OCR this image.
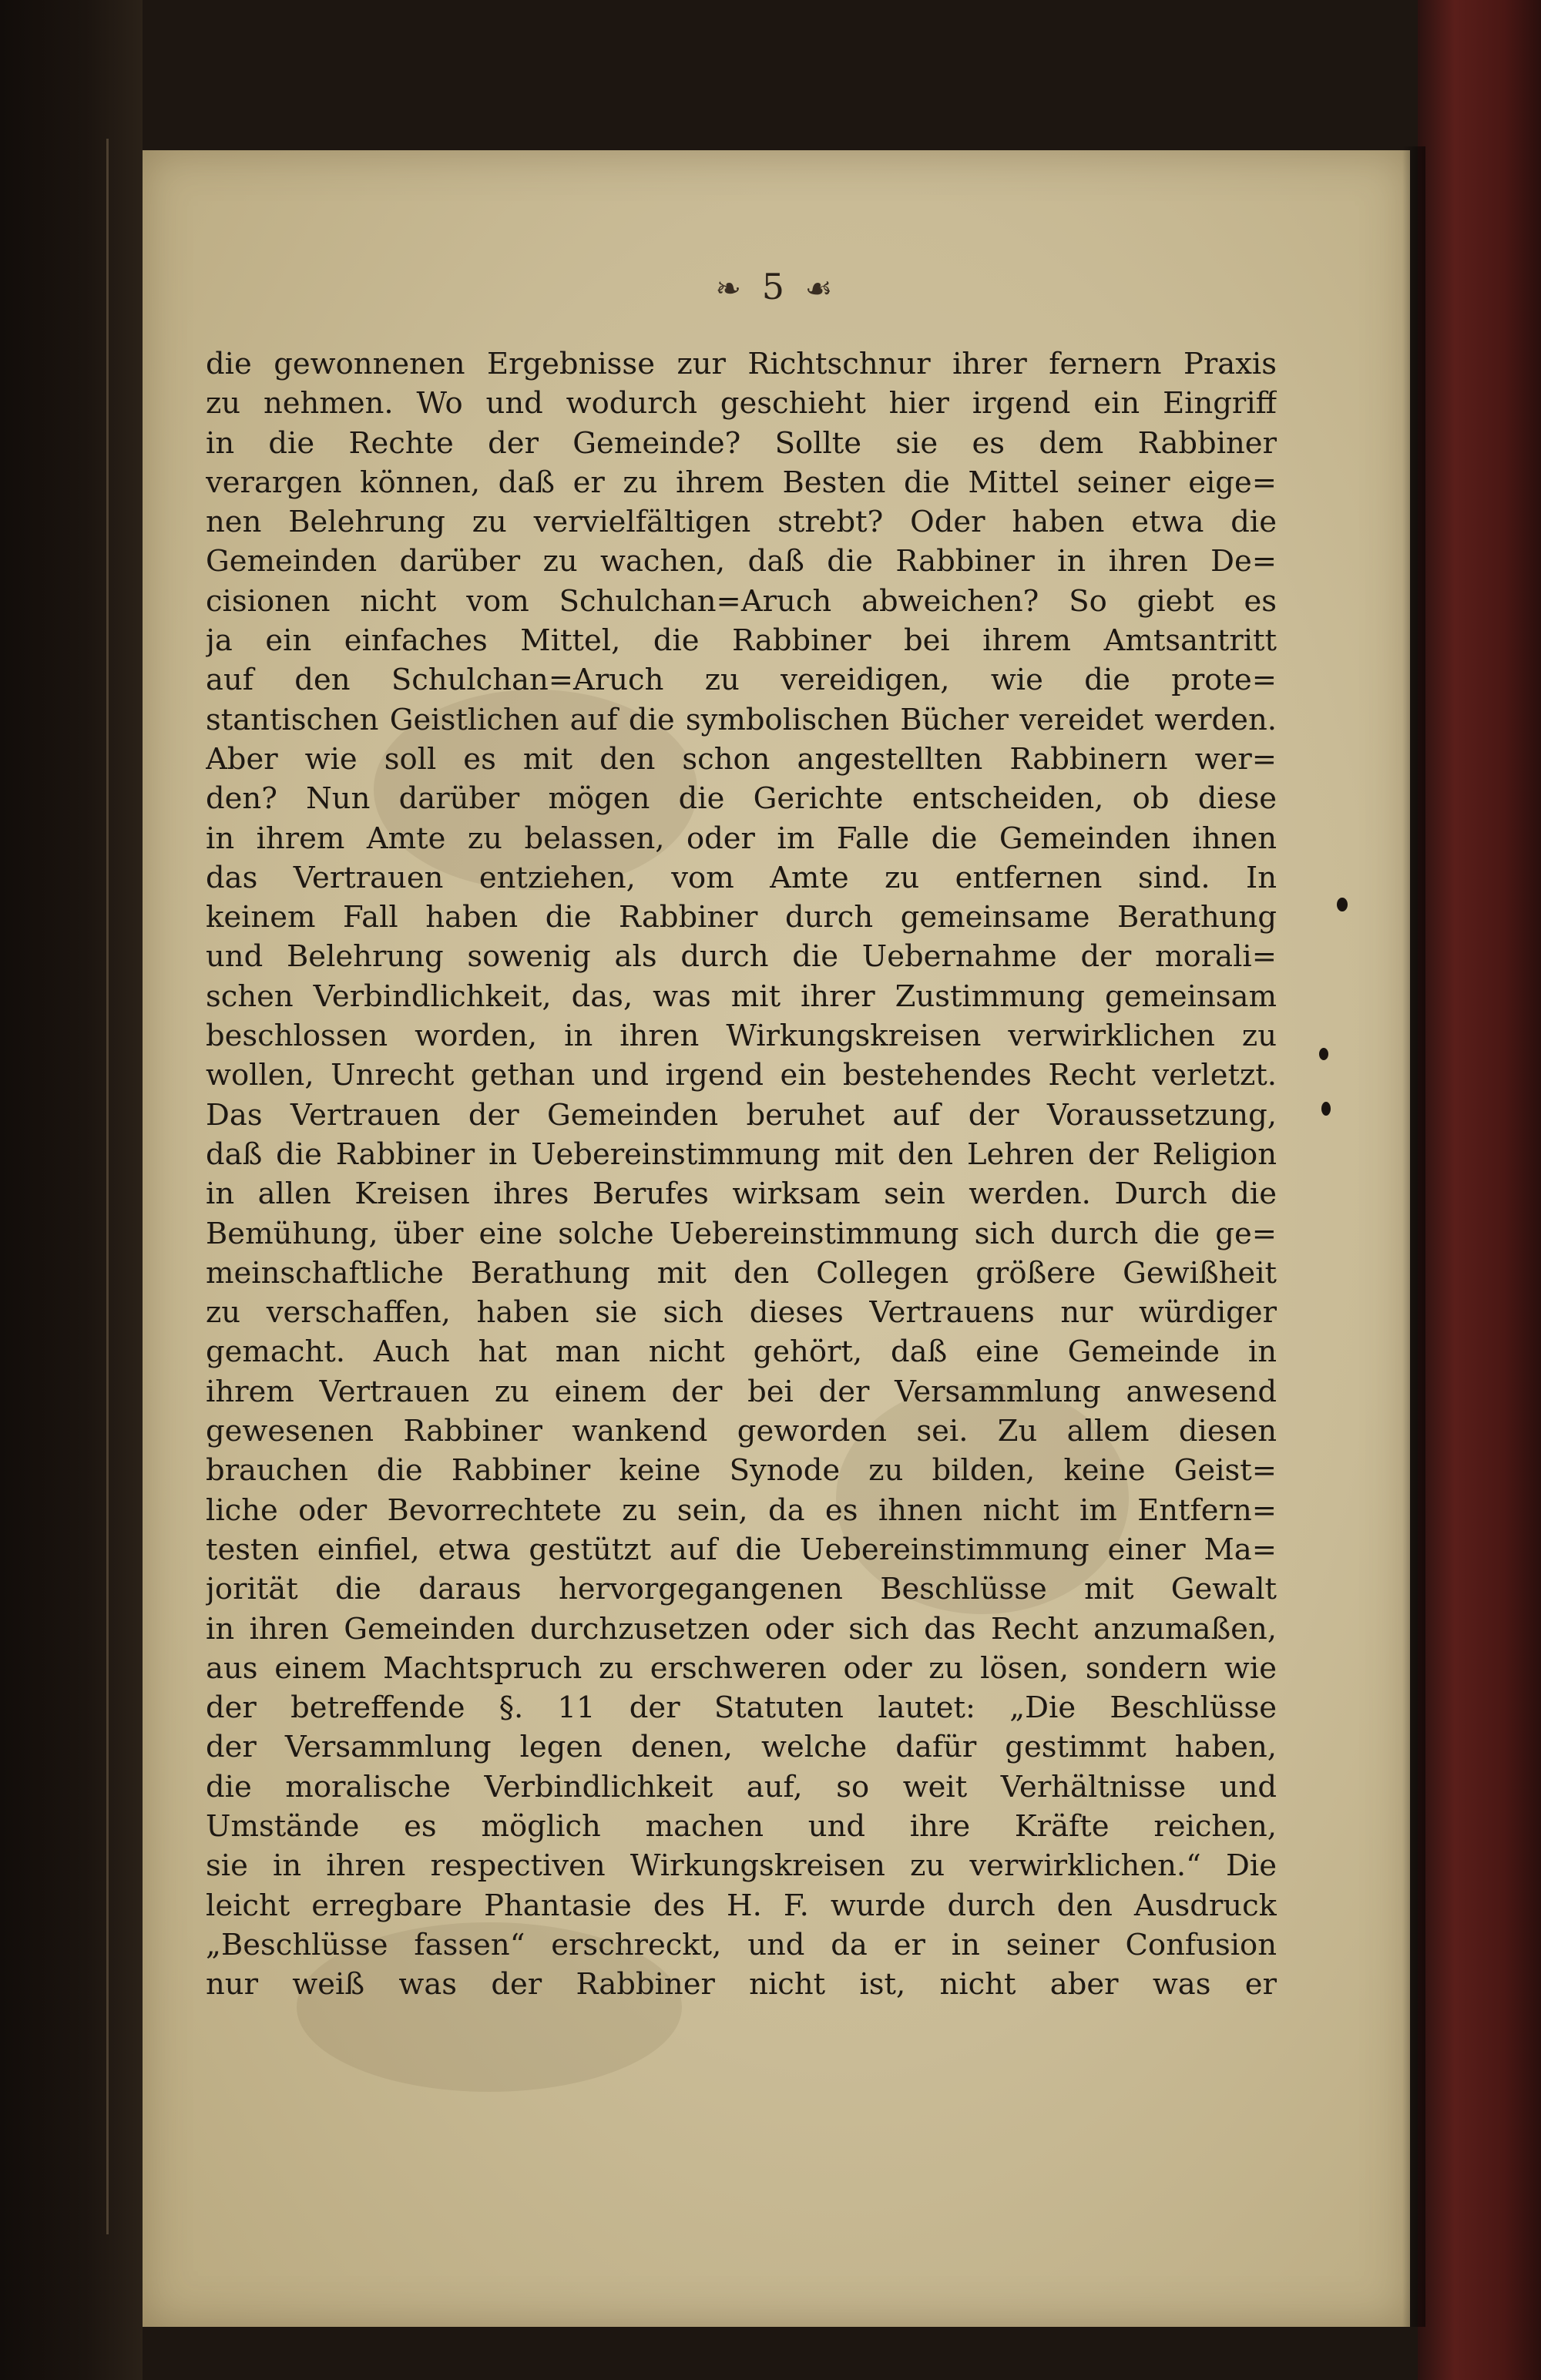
❧ 5 ☙
die gewonnenen Ergebnisse zur Richtschnur ihrer fernern Praxis
zu nehmen. Wo und wodurch geschieht hier irgend ein Eingriff
in die Rechte der Gemeinde? Sollte sie es dem Rabbiner
verargen können, daß er zu ihrem Besten die Mittel seiner eige=
nen Belehrung zu vervielfältigen strebt? Oder haben etwa die
Gemeinden darüber zu wachen, daß die Rabbiner in ihren De=
cisionen nicht vom Schulchan=Aruch abweichen? So giebt es
ja ein einfaches Mittel, die Rabbiner bei ihrem Amtsantritt
auf den Schulchan=Aruch zu vereidigen, wie die prote=
stantischen Geistlichen auf die symbolischen Bücher vereidet werden.
Aber wie soll es mit den schon angestellten Rabbinern wer=
den? Nun darüber mögen die Gerichte entscheiden, ob diese
in ihrem Amte zu belassen, oder im Falle die Gemeinden ihnen
das Vertrauen entziehen, vom Amte zu entfernen sind. In
keinem Fall haben die Rabbiner durch gemeinsame Berathung
und Belehrung sowenig als durch die Uebernahme der morali=
schen Verbindlichkeit, das, was mit ihrer Zustimmung gemeinsam
beschlossen worden, in ihren Wirkungskreisen verwirklichen zu
wollen, Unrecht gethan und irgend ein bestehendes Recht verletzt.
Das Vertrauen der Gemeinden beruhet auf der Voraussetzung,
daß die Rabbiner in Uebereinstimmung mit den Lehren der Religion
in allen Kreisen ihres Berufes wirksam sein werden. Durch die
Bemühung, über eine solche Uebereinstimmung sich durch die ge=
meinschaftliche Berathung mit den Collegen größere Gewißheit
zu verschaffen, haben sie sich dieses Vertrauens nur würdiger
gemacht. Auch hat man nicht gehört, daß eine Gemeinde in
ihrem Vertrauen zu einem der bei der Versammlung anwesend
gewesenen Rabbiner wankend geworden sei. Zu allem diesen
brauchen die Rabbiner keine Synode zu bilden, keine Geist=
liche oder Bevorrechtete zu sein, da es ihnen nicht im Entfern=
testen einfiel, etwa gestützt auf die Uebereinstimmung einer Ma=
jorität die daraus hervorgegangenen Beschlüsse mit Gewalt
in ihren Gemeinden durchzusetzen oder sich das Recht anzumaßen,
aus einem Machtspruch zu erschweren oder zu lösen, sondern wie
der betreffende §. 11 der Statuten lautet: „Die Beschlüsse
der Versammlung legen denen, welche dafür gestimmt haben,
die moralische Verbindlichkeit auf, so weit Verhältnisse und
Umstände es möglich machen und ihre Kräfte reichen,
sie in ihren respectiven Wirkungskreisen zu verwirklichen.“ Die
leicht erregbare Phantasie des H. F. wurde durch den Ausdruck
„Beschlüsse fassen“ erschreckt, und da er in seiner Confusion
nur weiß was der Rabbiner nicht ist, nicht aber was er
